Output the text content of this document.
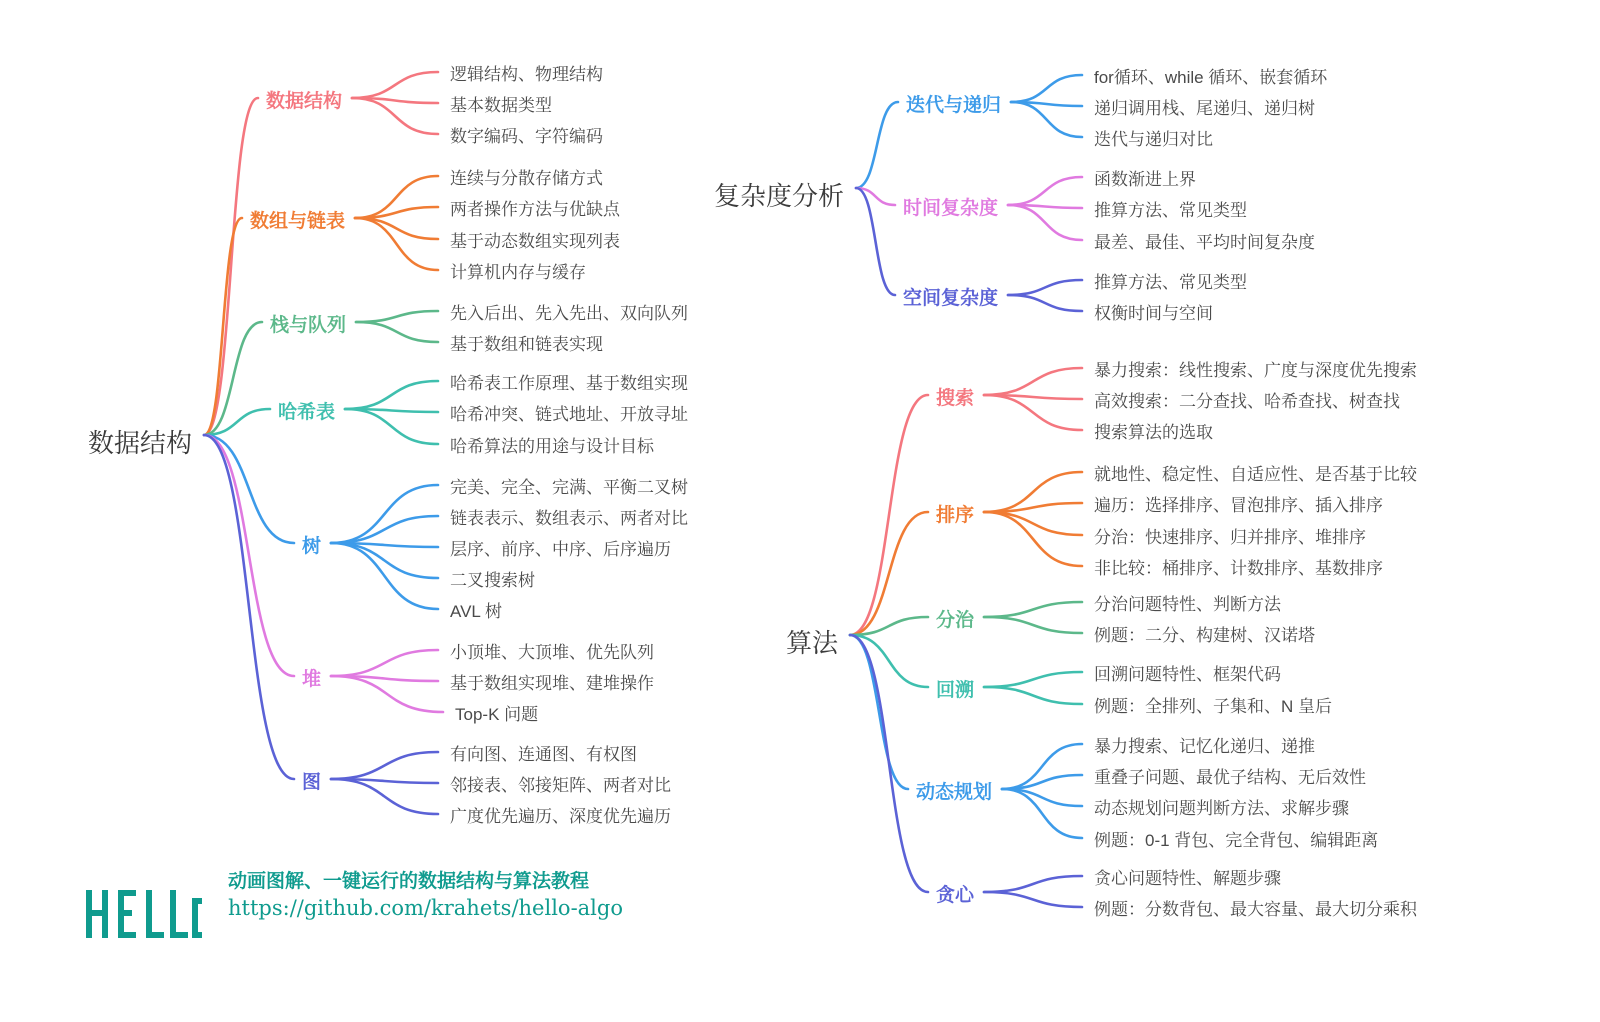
数据结构
复杂度分析
算法
数据结构
逻辑结构、物理结构
基本数据类型
数字编码、字符编码
数组与链表
连续与分散存储方式
两者操作方法与优缺点
基于动态数组实现列表
计算机内存与缓存
栈与队列
先入后出、先入先出、双向队列
基于数组和链表实现
哈希表
哈希表工作原理、基于数组实现
哈希冲突、链式地址、开放寻址
哈希算法的用途与设计目标
树
完美、完全、完满、平衡二叉树
链表表示、数组表示、两者对比
层序、前序、中序、后序遍历
二叉搜索树
AVL 树
堆
小顶堆、大顶堆、优先队列
基于数组实现堆、建堆操作
Top-K 问题
图
有向图、连通图、有权图
邻接表、邻接矩阵、两者对比
广度优先遍历、深度优先遍历
迭代与递归
for循环、while 循环、嵌套循环
递归调用栈、尾递归、递归树
迭代与递归对比
时间复杂度
函数渐进上界
推算方法、常见类型
最差、最佳、平均时间复杂度
空间复杂度
推算方法、常见类型
权衡时间与空间
搜索
暴力搜索：线性搜索、广度与深度优先搜索
高效搜索：二分查找、哈希查找、树查找
搜索算法的选取
排序
就地性、稳定性、自适应性、是否基于比较
遍历：选择排序、冒泡排序、插入排序
分治：快速排序、归并排序、堆排序
非比较：桶排序、计数排序、基数排序
分治
分治问题特性、判断方法
例题：二分、构建树、汉诺塔
回溯
回溯问题特性、框架代码
例题：全排列、子集和、N 皇后
动态规划
暴力搜索、记忆化递归、递推
重叠子问题、最优子结构、无后效性
动态规划问题判断方法、求解步骤
例题：0-1 背包、完全背包、编辑距离
贪心
贪心问题特性、解题步骤
例题：分数背包、最大容量、最大切分乘积
动画图解、一键运行的数据结构与算法教程
https://github.com/krahets/hello-algo
